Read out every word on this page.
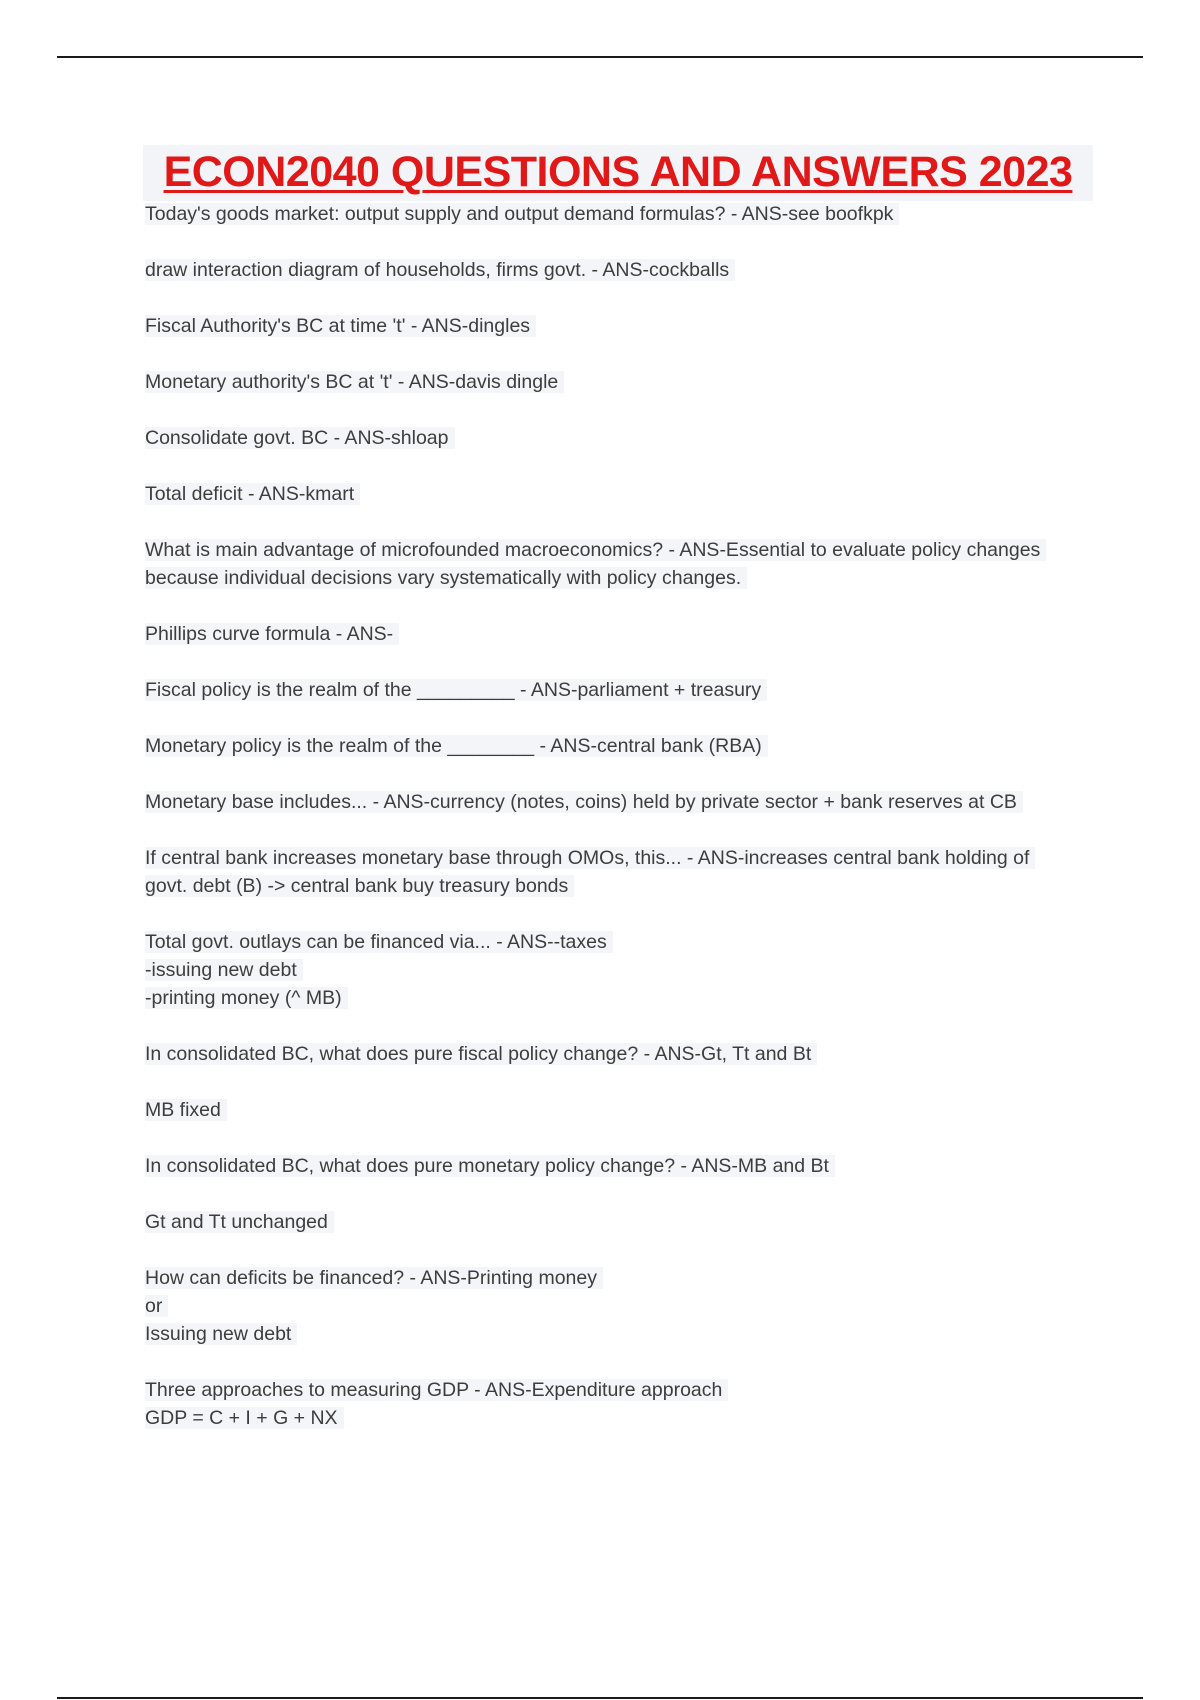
ECON2040 QUESTIONS AND ANSWERS 2023
Today's goods market: output supply and output demand formulas? - ANS-see boofkpk
draw interaction diagram of households, firms govt. - ANS-cockballs
Fiscal Authority's BC at time 't' - ANS-dingles
Monetary authority's BC at 't' - ANS-davis dingle
Consolidate govt. BC - ANS-shloap
Total deficit - ANS-kmart
What is main advantage of microfounded macroeconomics? - ANS-Essential to evaluate policy changes
because individual decisions vary systematically with policy changes.
Phillips curve formula - ANS-
Fiscal policy is the realm of the _________ - ANS-parliament + treasury
Monetary policy is the realm of the ________ - ANS-central bank (RBA)
Monetary base includes... - ANS-currency (notes, coins) held by private sector + bank reserves at CB
If central bank increases monetary base through OMOs, this... - ANS-increases central bank holding of
govt. debt (B) -> central bank buy treasury bonds
Total govt. outlays can be financed via... - ANS--taxes
-issuing new debt
-printing money (^ MB)
In consolidated BC, what does pure fiscal policy change? - ANS-Gt, Tt and Bt
MB fixed
In consolidated BC, what does pure monetary policy change? - ANS-MB and Bt
Gt and Tt unchanged
How can deficits be financed? - ANS-Printing money
or
Issuing new debt
Three approaches to measuring GDP - ANS-Expenditure approach
GDP = C + I + G + NX
